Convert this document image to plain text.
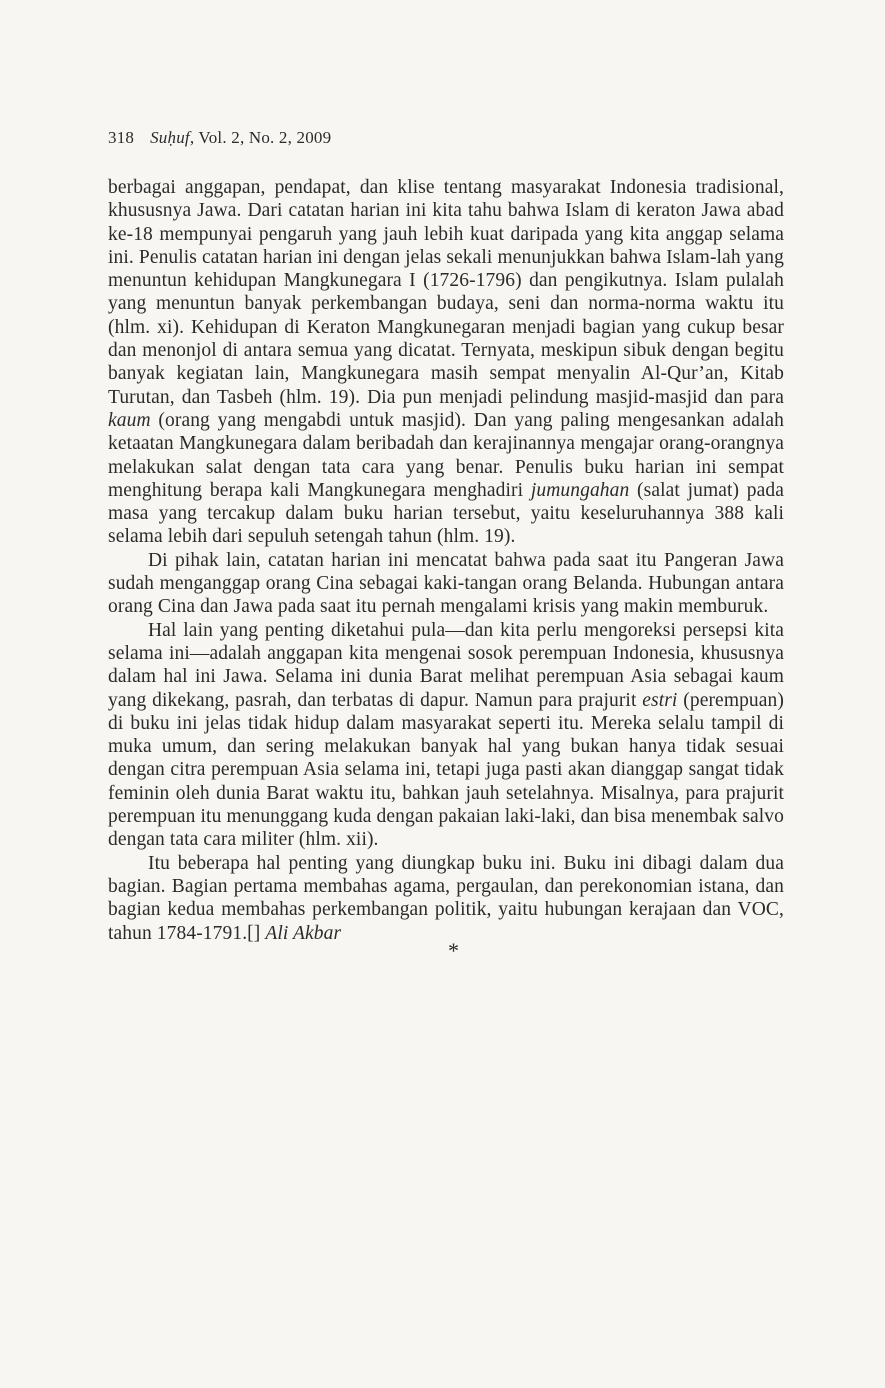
318 Suḥuf, Vol. 2, No. 2, 2009

berbagai anggapan, pendapat, dan klise tentang masyarakat Indonesia tradisional, khususnya Jawa. Dari catatan harian ini kita tahu bahwa Islam di keraton Jawa abad ke-18 mempunyai pengaruh yang jauh lebih kuat daripada yang kita anggap selama ini. Penulis catatan harian ini dengan jelas sekali menunjukkan bahwa Islam-lah yang menuntun kehidupan Mangkunegara I (1726-1796) dan pengikutnya. Islam pulalah yang menuntun banyak perkembangan budaya, seni dan norma-norma waktu itu (hlm. xi). Kehidupan di Keraton Mangkunegaran menjadi bagian yang cukup besar dan menonjol di antara semua yang dicatat. Ternyata, meskipun sibuk dengan begitu banyak kegiatan lain, Mangkunegara masih sempat menyalin Al-Qur’an, Kitab Turutan, dan Tasbeh (hlm. 19). Dia pun menjadi pelindung masjid-masjid dan para kaum (orang yang mengabdi untuk masjid). Dan yang paling mengesankan adalah ketaatan Mangkunegara dalam beribadah dan kerajinannya mengajar orang-orangnya melakukan salat dengan tata cara yang benar. Penulis buku harian ini sempat menghitung berapa kali Mangkunegara menghadiri jumungahan (salat jumat) pada masa yang tercakup dalam buku harian tersebut, yaitu keseluruhannya 388 kali selama lebih dari sepuluh setengah tahun (hlm. 19).

Di pihak lain, catatan harian ini mencatat bahwa pada saat itu Pangeran Jawa sudah menganggap orang Cina sebagai kaki-tangan orang Belanda. Hubungan antara orang Cina dan Jawa pada saat itu pernah mengalami krisis yang makin memburuk.

Hal lain yang penting diketahui pula—dan kita perlu mengoreksi persepsi kita selama ini—adalah anggapan kita mengenai sosok perempuan Indonesia, khususnya dalam hal ini Jawa. Selama ini dunia Barat melihat perempuan Asia sebagai kaum yang dikekang, pasrah, dan terbatas di dapur. Namun para prajurit estri (perempuan) di buku ini jelas tidak hidup dalam masyarakat seperti itu. Mereka selalu tampil di muka umum, dan sering melakukan banyak hal yang bukan hanya tidak sesuai dengan citra perempuan Asia selama ini, tetapi juga pasti akan dianggap sangat tidak feminin oleh dunia Barat waktu itu, bahkan jauh setelahnya. Misalnya, para prajurit perempuan itu menunggang kuda dengan pakaian laki-laki, dan bisa menembak salvo dengan tata cara militer (hlm. xii).

Itu beberapa hal penting yang diungkap buku ini. Buku ini dibagi dalam dua bagian. Bagian pertama membahas agama, pergaulan, dan perekonomian istana, dan bagian kedua membahas perkembangan politik, yaitu hubungan kerajaan dan VOC, tahun 1784-1791.[] Ali Akbar

*
